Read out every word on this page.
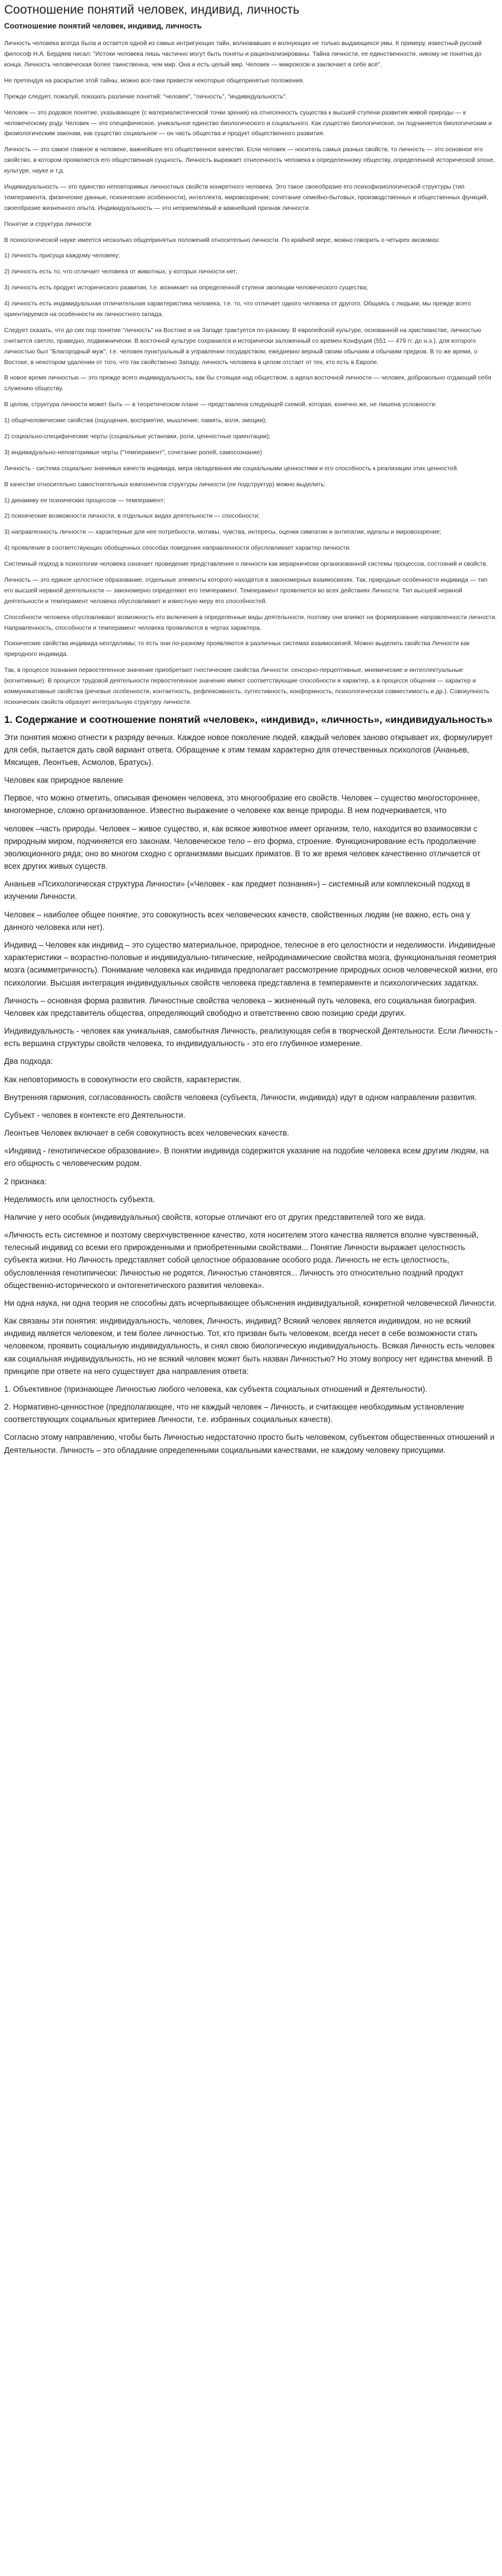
Соотношение понятий человек, индивид, личность
Соотношение понятий человек, индивид, личность

Личность человека всегда была и остается одной из самых интригующих тайн, волновавших и волнующих не только выдающихся умы. К примеру, известный русский философ Н.А. Бердяев писал: "Истоки человека лишь частично могут быть поняты и рационализированы. Тайна личности, ее единственности, никому не понятна до конца. Личность человеческая более таинственна, чем мир. Она и есть целый мир. Человек — микрокосм и заключает в себе всё".

Не претендуя на раскрытие этой тайны, можно все-таки привести некоторые общепринятые положения.

Прежде следует, пожалуй, показать различие понятий: "человек", "личность", "индивидуальность".

Человек — это родовое понятие, указывающее (с материалистической точки зрения) на отнесенность существа к высшей ступени развития живой природы — к человеческому роду. Человек — это специфическое, уникальное единство биологического и социального. Как существо биологическое, он подчиняется биологическим и физиологическим законам, как существо социальное — он часть общества и продукт общественного развития.

Личность — это самое главное в человеке, важнейшее его общественное качество. Если человек — носитель самых разных свойств, то личность — это основное его свойство, в котором проявляется его общественная сущность. Личность выражает отнесенность человека к определенному обществу, определенной исторической эпохе, культуре, науке и т.д.

Индивидуальность — это единство неповторимых личностных свойств конкретного человека. Это такое своеобразие его психофизиологической структуры (тип темперамента, физические данные, психические особенности), интеллекта, мировоззрения; сочетание семейно-бытовых, производственных и общественных функций, своеобразие жизненного опыта. Индивидуальность — это неприемлемый и важнейший признак личности.

Понятие и структура личности

В психологической науке имеется несколько общепринятых положений относительно личности. По крайней мере, можно говорить о четырех аксиомах:

1) личность присуща каждому человеку;

2) личность есть то, что отличает человека от животных, у которых личности нет;

3) личность есть продукт исторического развития, т.е. возникает на определенной ступени эволюции человеческого существа;

4) личность есть индивидуальная отличительная характеристика человека, т.е. то, что отличает одного человека от другого. Общаясь с людьми, мы прежде всего ориентируемся на особенности их личностного склада.

Следует сказать, что до сих пор понятие "личность" на Востоке и на Западе трактуется по-разному. В европейской культуре, основанной на христианстве, личностью считается светло, праведно, подвижнически. В восточной культуре сохранился и исторически заложенный со времен Конфуция (551 — 479 гг. до н.э.), для которого личностью был "Благородный муж", т.е. человек пунктуальный в управлении государством, ежедневно верный своим обычаям и обычаям предков. В то же время, о Востоке, в некотором удалении от того, что так свойственно Западу, личность человека в целом отстает от тех, кто есть в Европе.

В новое время личностью — это прежде всего индивидуальность, как бы стоящая над обществом, а идеал восточной личности — человек, добровольно отдающий себя служению обществу.

В целом, структура личности может быть — в теоретическом плане — представлена следующей схемой, которая, конечно же, не лишена условности:

1) общечеловеческие свойства (ощущения, восприятие, мышление, память, воля, эмоции);

2) социально-специфические черты (социальные установки, роли, ценностные ориентации);

3) индивидуально-неповторимые черты ("темперамент", сочетание ролей, самосознание)

Личность - система социально значимых качеств индивида, мера овладевания им социальными ценностями и его способность к реализации этих ценностей.

В качестве относительно самостоятельных компонентов структуры личности (ее подструктур) можно выделить:

1) динамику ее психических процессов — темперамент;

2) психические возможности личности, в отдельных видах деятельности — способности;

3) направленность личности — характерные для нее потребности, мотивы, чувства, интересы, оценки симпатии и антипатии, идеалы и мировоззрение;

4) проявление в соответствующих обобщенных способах поведения направленности обусловливает характер личности.

Системный подход в психологии человека означает проведение представления о личности как иерархически организованной системы процессов, состояний и свойств.

Личность — это единое целостное образование, отдельные элементы которого находятся в закономерных взаимосвязях. Так, природные особенности индивида — тип его высшей нервной деятельности — закономерно определяют его темперамент. Темперамент проявляется во всех действиях Личности. Тип высшей нервной деятельности и темперамент человека обусловливает и известную меру его способностей.

Способности человека обусловливают возможность его включения в определенные виды деятельности, поэтому они влияют на формирование направленности личности. Направленность, способности и темперамент человека проявляются в чертах характера.

Психические свойства индивида неотделимы; то есть они по-разному проявляются в различных системах взаимосвязей. Можно выделить свойства Личности как природного индивида.

Так, в процессе познания первостепенное значение приобретают гностические свойства Личности: сенсорно-перцептивные, мнемические и интеллектуальные (когнитивные). В процессе трудовой деятельности первостепенное значение имеют соответствующие способности и характер, а в процессе общения — характер и коммуникативные свойства (речевые особенности, контактность, рефлексивность, суггестивность, конформность, психологическая совместимость и др.). Совокупность психических свойств образует интегральную структуру личности.

1. Содержание и соотношение понятий «человек», «индивид», «личность», «индивидуальность»

Эти понятия можно отнести к разряду вечных. Каждое новое поколение людей, каждый человек заново открывает их, формулирует для себя, пытается дать свой вариант ответа. Обращение к этим темам характерно для отечественных психологов (Ананьев, Мясищев, Леонтьев, Асмолов, Братусь).

Человек как природное явление

Первое, что можно отметить, описывая феномен человека, это многообразие его свойств. Человек – существо многостороннее, многомерное, сложно организованное. Известно выражение о человеке как венце природы. В нем подчеркивается, что

человек –часть природы. Человек – живое существо, и, как всякое животное имеет организм, тело, находится во взаимосвязи с природным миром, подчиняется его законам. Человеческое тело – его форма, строение. Функционирование есть продолжение эволюционного ряда; оно во многом сходно с организмами высших приматов. В то же время человек качественно отличается от всех других живых существ.

Ананьев «Психологическая структура Личности» («Человек - как предмет познания») – системный или комплексный подход в изучении Личности.

Человек – наиболее общее понятие, это совокупность всех человеческих качеств, свойственных людям (не важно, есть она у данного человека или нет).

Индивид – Человек как индивид – это существо материальное, природное, телесное в его целостности и неделимости. Индивидные характеристики – возрастно-половые и индивидуально-типические, нейродинамические свойства мозга, функциональная геометрия мозга (асимметричность). Понимание человека как индивида предполагает рассмотрение природных основ человеческой жизни, его психологии. Высшая интеграция индивидуальных свойств человека представлена в темпераменте и психологических задатках.

Личность – основная форма развития. Личностные свойства человека – жизненный путь человека, его социальная биография. Человек как представитель общества, определяющий свободно и ответственно свою позицию среди других.

Индивидуальность - человек как уникальная, самобытная Личность, реализующая себя в творческой Деятельности. Если Личность - есть вершина структуры свойств человека, то индивидуальность - это его глубинное измерение.

Два подхода:

Как неповторимость в совокупности его свойств, характеристик.

Внутренняя гармония, согласованность свойств человека (субъекта, Личности, индивида) идут в одном направлении развития.

Субъект - человек в контексте его Деятельности.

Леонтьев Человек включает в себя совокупность всех человеческих качеств.

«Индивид - генотипическое образование». В понятии индивида содержится указание на подобие человека всем другим людям, на его общность с человеческим родом.

2 признака:

Неделимость или целостность субъекта.

Наличие у него особых (индивидуальных) свойств, которые отличают его от других представителей того же вида.

«Личность есть системное и поэтому сверхчувственное качество, хотя носителем этого качества является вполне чувственный, телесный индивид со всеми его прирожденными и приобретенными свойствами... Понятие Личности выражает целостность субъекта жизни. Но Личность представляет собой целостное образование особого рода. Личность не есть целостность, обусловленная генотипически: Личностью не родятся, Личностью становятся... Личность это относительно поздний продукт общественно-исторического и онтогенетического развития человека».

Ни одна наука, ни одна теория не способны дать исчерпывающее объяснения индивидуальной, конкретной человеческой Личности.

Как связаны эти понятия: индивидуальность, человек, Личность, индивид? Всякий человек является индивидом, но не всякий индивид является человеком, и тем более личностью. Тот, кто призван быть человеком, всегда несет в себе возможности стать человеком, проявить социальную индивидуальность, и снял свою биологическую индивидуальность. Всякая Личность есть человек как социальная индивидуальность, но не всякий человек может быть назван Личностью? Но этому вопросу нет единства мнений. В принципе при ответе на него существует два направления ответа:

1. Объективное (признающее Личностью любого человека, как субъекта социальных отношений и Деятельности).

2. Нормативно-ценностное (предполагающее, что не каждый человек – Личность, и считающее необходимым установление соответствующих социальных критериев Личности, т.е. избранных социальных качеств).

Согласно этому направлению, чтобы быть Личностью недостаточно просто быть человеком, субъектом общественных отношений и Деятельности. Личность – это обладание определенными социальными качествами, не каждому человеку присущими.
